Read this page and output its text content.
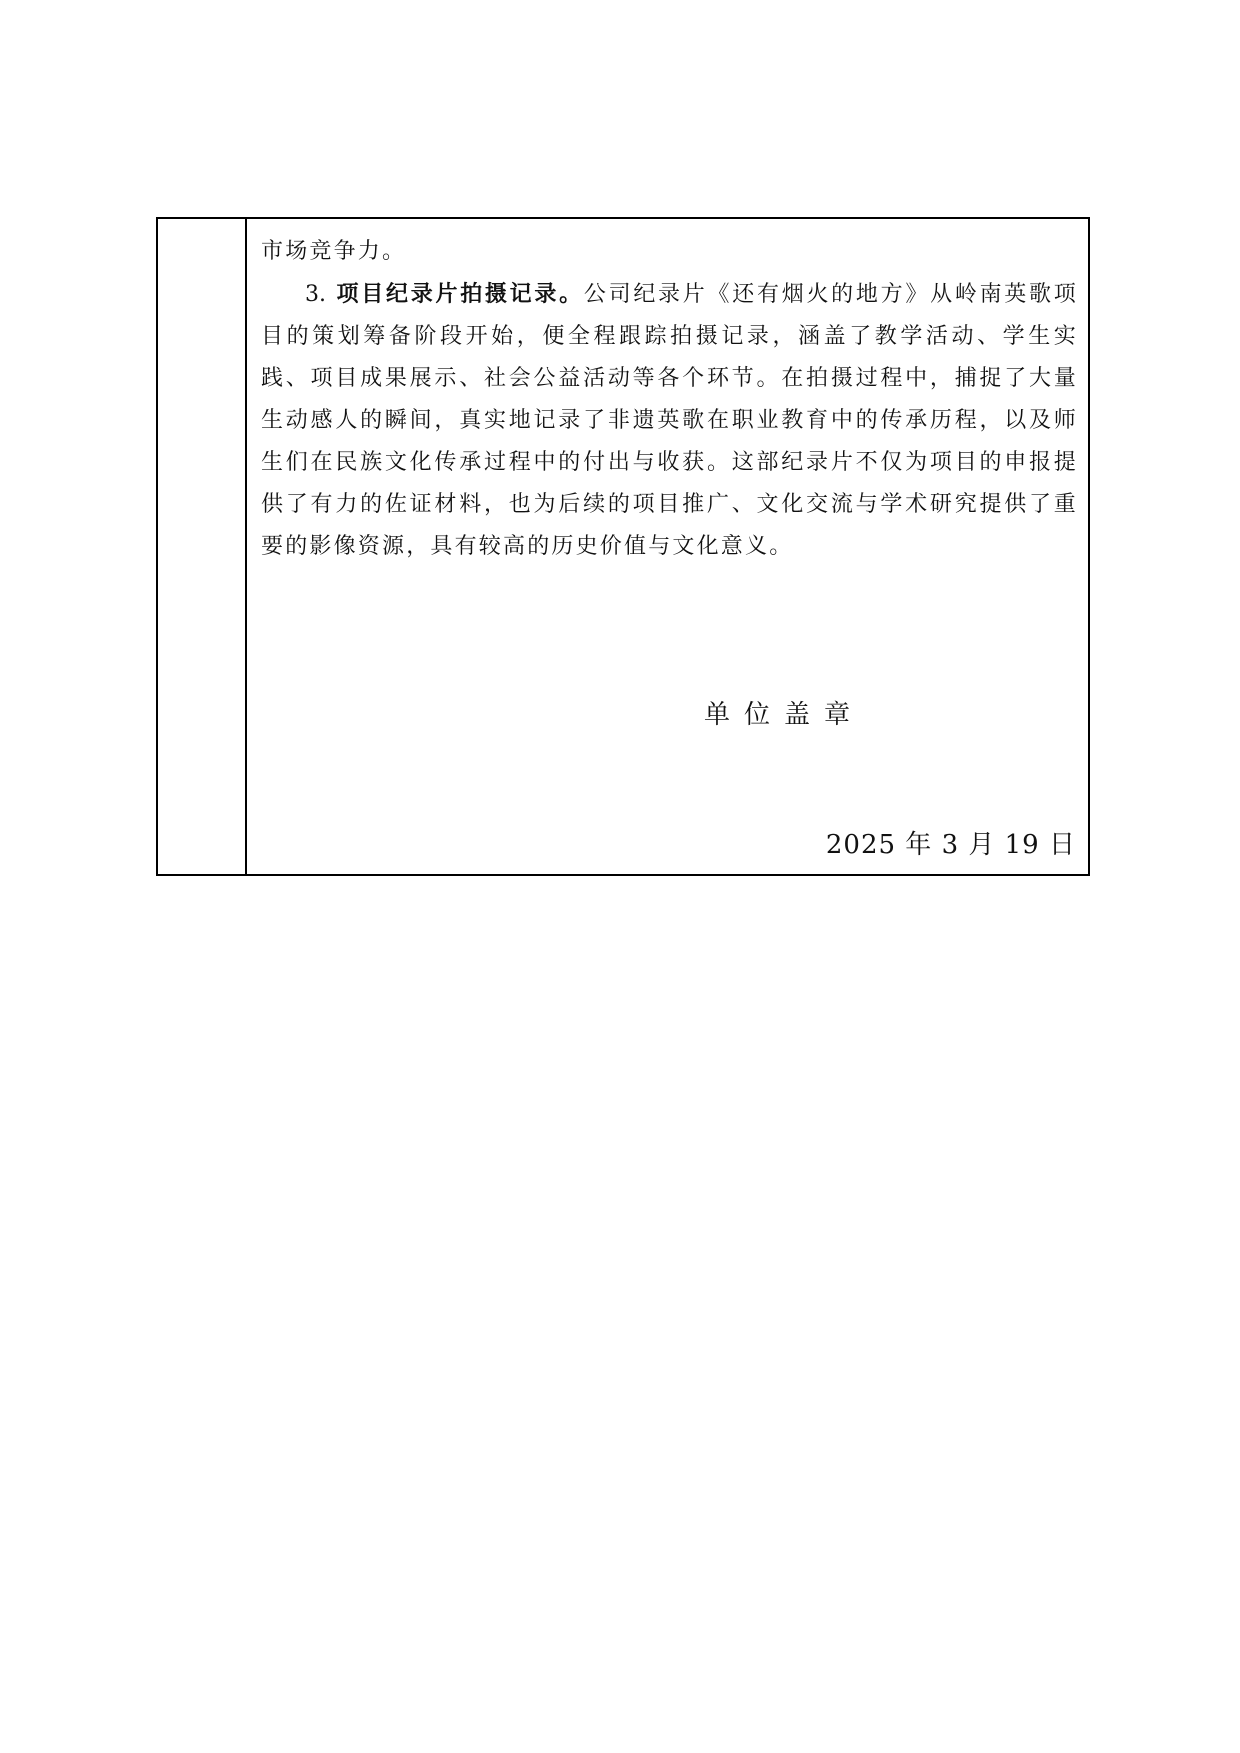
市场竞争力。

3. 项目纪录片拍摄记录。公司纪录片《还有烟火的地方》从岭南英歌项目的策划筹备阶段开始，便全程跟踪拍摄记录，涵盖了教学活动、学生实践、项目成果展示、社会公益活动等各个环节。在拍摄过程中，捕捉了大量生动感人的瞬间，真实地记录了非遗英歌在职业教育中的传承历程，以及师生们在民族文化传承过程中的付出与收获。这部纪录片不仅为项目的申报提供了有力的佐证材料，也为后续的项目推广、文化交流与学术研究提供了重要的影像资源，具有较高的历史价值与文化意义。

单位盖章
2025 年 3 月 19 日
